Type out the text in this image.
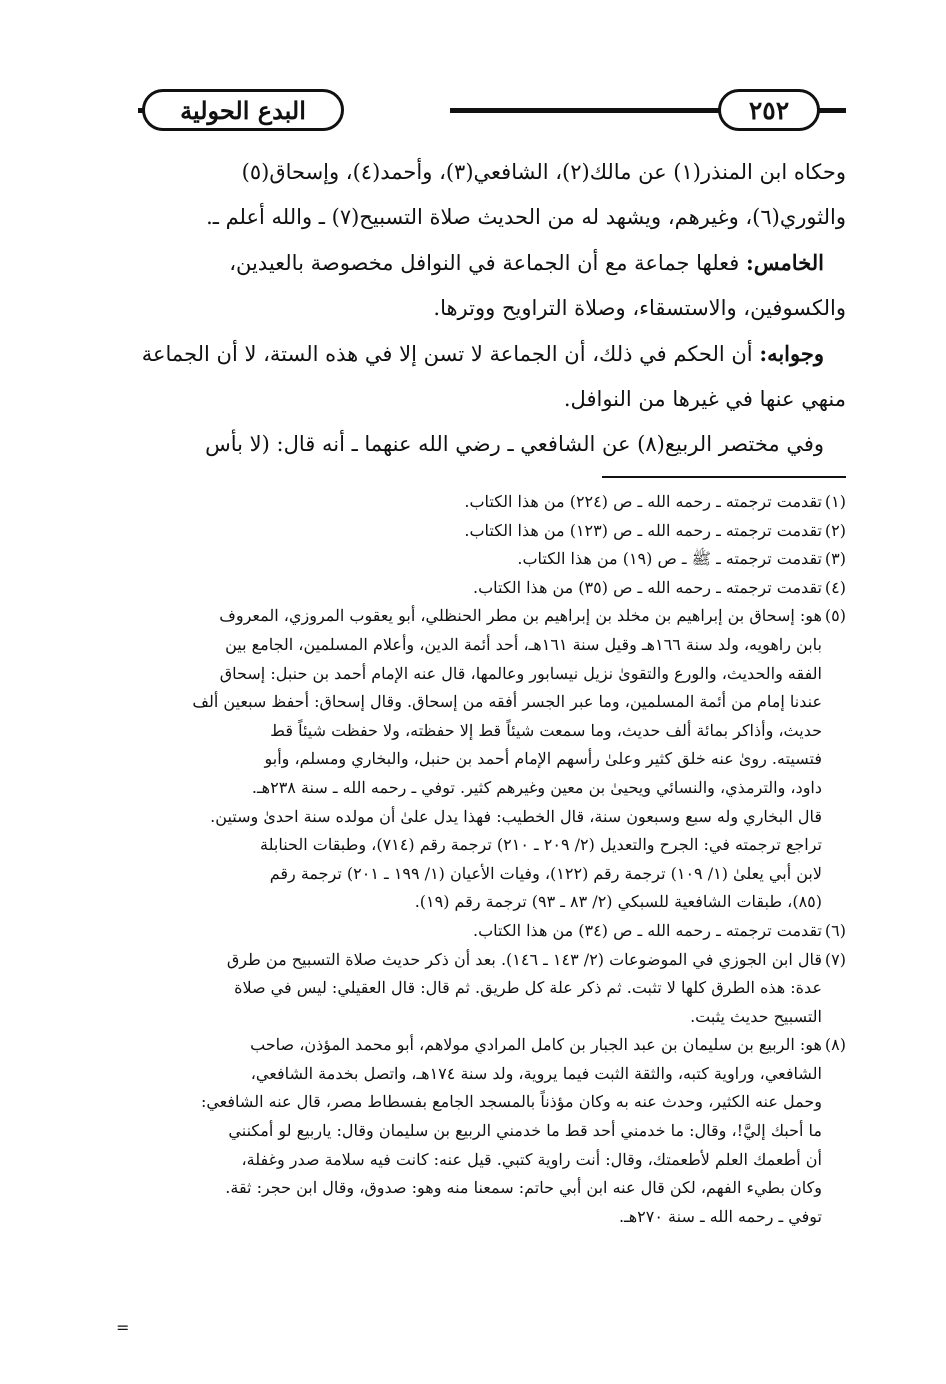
البدع الحولية	٢٥٢

وحكاه ابن المنذر(١) عن مالك(٢)، الشافعي(٣)، وأحمد(٤)، وإسحاق(٥)
والثوري(٦)، وغيرهم، ويشهد له من الحديث صلاة التسبيح(٧) ـ والله أعلم ـ.

الخامس: فعلها جماعة مع أن الجماعة في النوافل مخصوصة بالعيدين،

والكسوفين، والاستسقاء، وصلاة التراويح ووترها.

وجوابه: أن الحكم في ذلك، أن الجماعة لا تسن إلا في هذه الستة، لا أن الجماعة

منهي عنها في غيرها من النوافل.

وفي مختصر الربيع(٨) عن الشافعي ـ رضي الله عنهما ـ أنه قال: (لا بأس

(١)
تقدمت ترجمته ـ رحمه الله ـ ص (٢٢٤) من هذا الكتاب.
(٢)
تقدمت ترجمته ـ رحمه الله ـ ص (١٢٣) من هذا الكتاب.
(٣)
تقدمت ترجمته ـ ﷺ ـ ص (١٩) من هذا الكتاب.
(٤)
تقدمت ترجمته ـ رحمه الله ـ ص (٣٥) من هذا الكتاب.
(٥)
هو: إسحاق بن إبراهيم بن مخلد بن إبراهيم بن مطر الحنظلي، أبو يعقوب المروزي، المعروف
بابن راهويه، ولد سنة ١٦٦هـ وقيل سنة ١٦١هـ، أحد أئمة الدين، وأعلام المسلمين، الجامع بين
الفقه والحديث، والورع والتقوىٰ نزيل نيسابور وعالمها، قال عنه الإمام أحمد بن حنبل: إسحاق
عندنا إمام من أئمة المسلمين، وما عبر الجسر أفقه من إسحاق. وقال إسحاق: أحفظ سبعين ألف
حديث، وأذاكر بمائة ألف حديث، وما سمعت شيئاً قط إلا حفظته، ولا حفظت شيئاً قط
فتسيته. رویٰ عنه خلق كثير وعلىٰ رأسهم الإمام أحمد بن حنبل، والبخاري ومسلم، وأبو
داود، والترمذي، والنسائي ويحيىٰ بن معين وغيرهم كثير. توفي ـ رحمه الله ـ سنة ٢٣٨هـ.
قال البخاري وله سبع وسبعون سنة، قال الخطيب: فهذا يدل علىٰ أن مولده سنة احدىٰ وستين.
تراجع ترجمته في: الجرح والتعديل (٢/ ٢٠٩ ـ ٢١٠) ترجمة رقم (٧١٤)، وطبقات الحنابلة
لابن أبي يعلىٰ (١/ ١٠٩) ترجمة رقم (١٢٢)، وفيات الأعيان (١/ ١٩٩ ـ ٢٠١) ترجمة رقم
(٨٥)، طبقات الشافعية للسبكي (٢/ ٨٣ ـ ٩٣) ترجمة رقم (١٩).
(٦)
تقدمت ترجمته ـ رحمه الله ـ ص (٣٤) من هذا الكتاب.
(٧)
قال ابن الجوزي في الموضوعات (٢/ ١٤٣ ـ ١٤٦). بعد أن ذكر حديث صلاة التسبيح من طرق
عدة: هذه الطرق كلها لا تثبت. ثم ذكر علة كل طريق. ثم قال: قال العقيلي: ليس في صلاة
التسبيح حديث يثبت.
(٨)
هو: الربيع بن سليمان بن عبد الجبار بن كامل المرادي مولاهم، أبو محمد المؤذن، صاحب
الشافعي، وراوية كتبه، والثقة الثبت فيما يروية، ولد سنة ١٧٤هـ، واتصل بخدمة الشافعي،
وحمل عنه الكثير، وحدث عنه به وكان مؤذناً بالمسجد الجامع بفسطاط مصر، قال عنه الشافعي:
ما أحبك إليَّ!، وقال: ما خدمني أحد قط ما خدمني الربيع بن سليمان وقال: ياربيع لو أمكنني
أن أطعمك العلم لأطعمتك، وقال: أنت راوية كتبي. قيل عنه: كانت فيه سلامة صدر وغفلة،
وكان بطيء الفهم، لكن قال عنه ابن أبي حاتم: سمعنا منه وهو: صدوق، وقال ابن حجر: ثقة.
توفي ـ رحمه الله ـ سنة ٢٧٠هـ.
=
